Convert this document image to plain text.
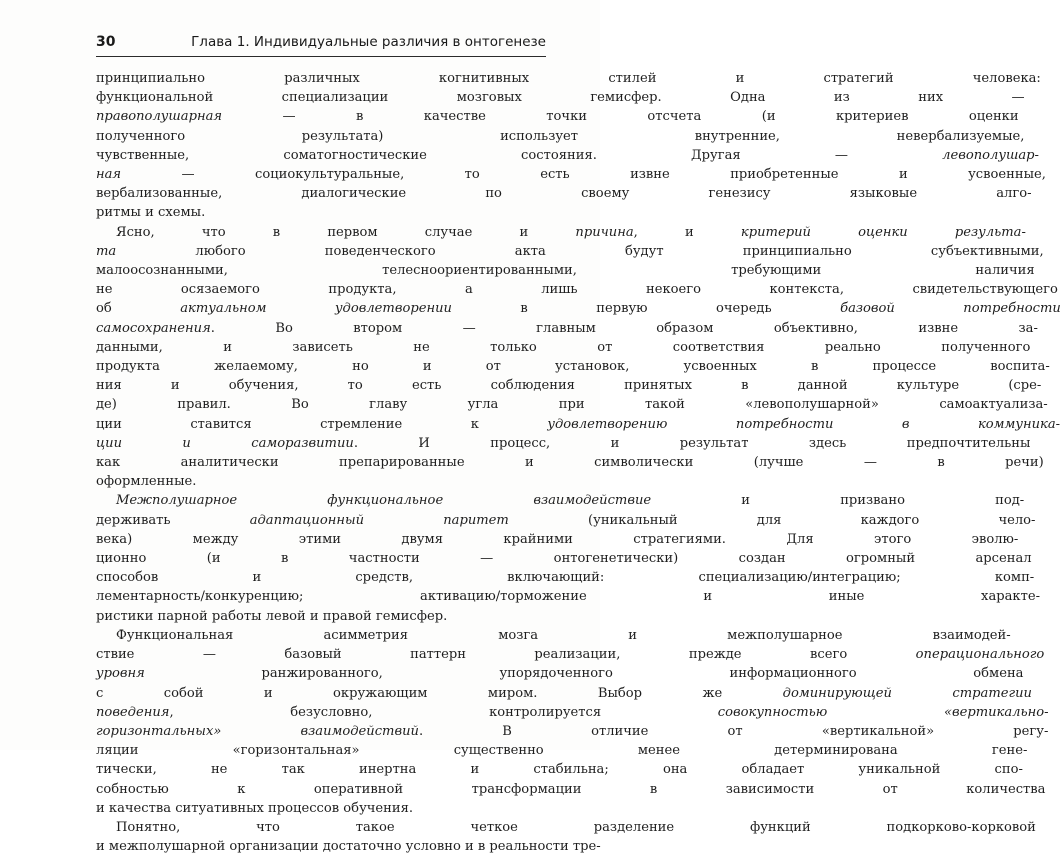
30	Глава 1. Индивидуальные различия в онтогенезе
принципиально различных когнитивных стилей и стратегий человека:
функциональной специализации мозговых гемисфер. Одна из них —
правополушарная — в качестве точки отсчета (и критериев оценки
полученного результата) использует внутренние, невербализуемые,
чувственные, соматогностические состояния. Другая — левополушар-
ная — социокультуральные, то есть извне приобретенные и усвоенные,
вербализованные, диалогические по своему генезису языковые алго-
ритмы и схемы.
Ясно, что в первом случае и причина, и критерий оценки результа-
та любого поведенческого акта будут принципиально субъективными,
малоосознанными, телесноориентированными, требующими наличия
не осязаемого продукта, а лишь некоего контекста, свидетельствующего
об актуальном удовлетворении в первую очередь базовой потребности
самосохранения. Во втором — главным образом объективно, извне за-
данными, и зависеть не только от соответствия реально полученного
продукта желаемому, но и от установок, усвоенных в процессе воспита-
ния и обучения, то есть соблюдения принятых в данной культуре (сре-
де) правил. Во главу угла при такой «левополушарной» самоактуализа-
ции ставится стремление к удовлетворению потребности в коммуника-
ции и саморазвитии. И процесс, и результат здесь предпочтительны
как аналитически препарированные и символически (лучше — в речи)
оформленные.
Межполушарное функциональное взаимодействие и призвано под-
держивать адаптационный паритет (уникальный для каждого чело-
века) между этими двумя крайними стратегиями. Для этого эволю-
ционно (и в частности — онтогенетически) создан огромный арсенал
способов и средств, включающий: специализацию/интеграцию; комп-
лементарность/конкуренцию; активацию/торможение и иные характе-
ристики парной работы левой и правой гемисфер.
Функциональная асимметрия мозга и межполушарное взаимодей-
ствие — базовый паттерн реализации, прежде всего операционального
уровня ранжированного, упорядоченного информационного обмена
с собой и окружающим миром. Выбор же доминирующей стратегии
поведения, безусловно, контролируется совокупностью «вертикально-
горизонтальных» взаимодействий. В отличие от «вертикальной» регу-
ляции «горизонтальная» существенно менее детерминирована генe-
тически, не так инертна и стабильна; она обладает уникальной спо-
собностью к оперативной трансформации в зависимости от количества
и качества ситуативных процессов обучения.
Понятно, что такое четкое разделение функций подкорково-корковой
и межполушарной организации достаточно условно и в реальности тре-
